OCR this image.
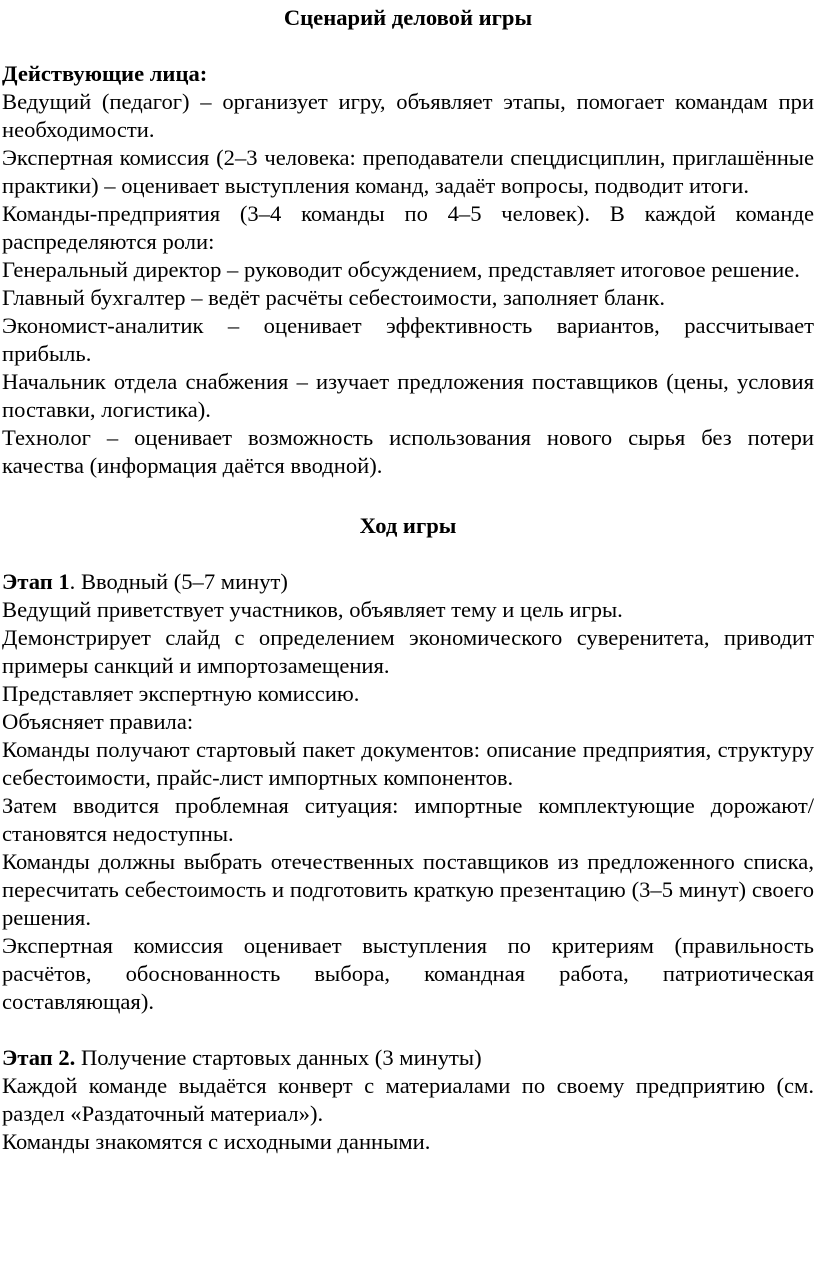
Сценарий деловой игры

Действующие лица:

Ведущий (педагог) – организует игру, объявляет этапы, помогает командам при необходимости.

Экспертная комиссия (2–3 человека: преподаватели спецдисциплин, приглашённые практики) – оценивает выступления команд, задаёт вопросы, подводит итоги.

Команды-предприятия (3–4 команды по 4–5 человек). В каждой команде распределяются роли:

Генеральный директор – руководит обсуждением, представляет итоговое решение.

Главный бухгалтер – ведёт расчёты себестоимости, заполняет бланк.

Экономист-аналитик – оценивает эффективность вариантов, рассчитывает прибыль.

Начальник отдела снабжения – изучает предложения поставщиков (цены, условия поставки, логистика).

Технолог – оценивает возможность использования нового сырья без потери качества (информация даётся вводной).

Ход игры

Этап 1. Вводный (5–7 минут)

Ведущий приветствует участников, объявляет тему и цель игры.

Демонстрирует слайд с определением экономического суверенитета, приводит примеры санкций и импортозамещения.

Представляет экспертную комиссию.

Объясняет правила:

Команды получают стартовый пакет документов: описание предприятия, структуру себестоимости, прайс-лист импортных компонентов.

Затем вводится проблемная ситуация: импортные комплектующие дорожают/становятся недоступны.

Команды должны выбрать отечественных поставщиков из предложенного списка, пересчитать себестоимость и подготовить краткую презентацию (3–5 минут) своего решения.

Экспертная комиссия оценивает выступления по критериям (правильность расчётов, обоснованность выбора, командная работа, патриотическая составляющая).

Этап 2. Получение стартовых данных (3 минуты)

Каждой команде выдаётся конверт с материалами по своему предприятию (см. раздел «Раздаточный материал»).

Команды знакомятся с исходными данными.
